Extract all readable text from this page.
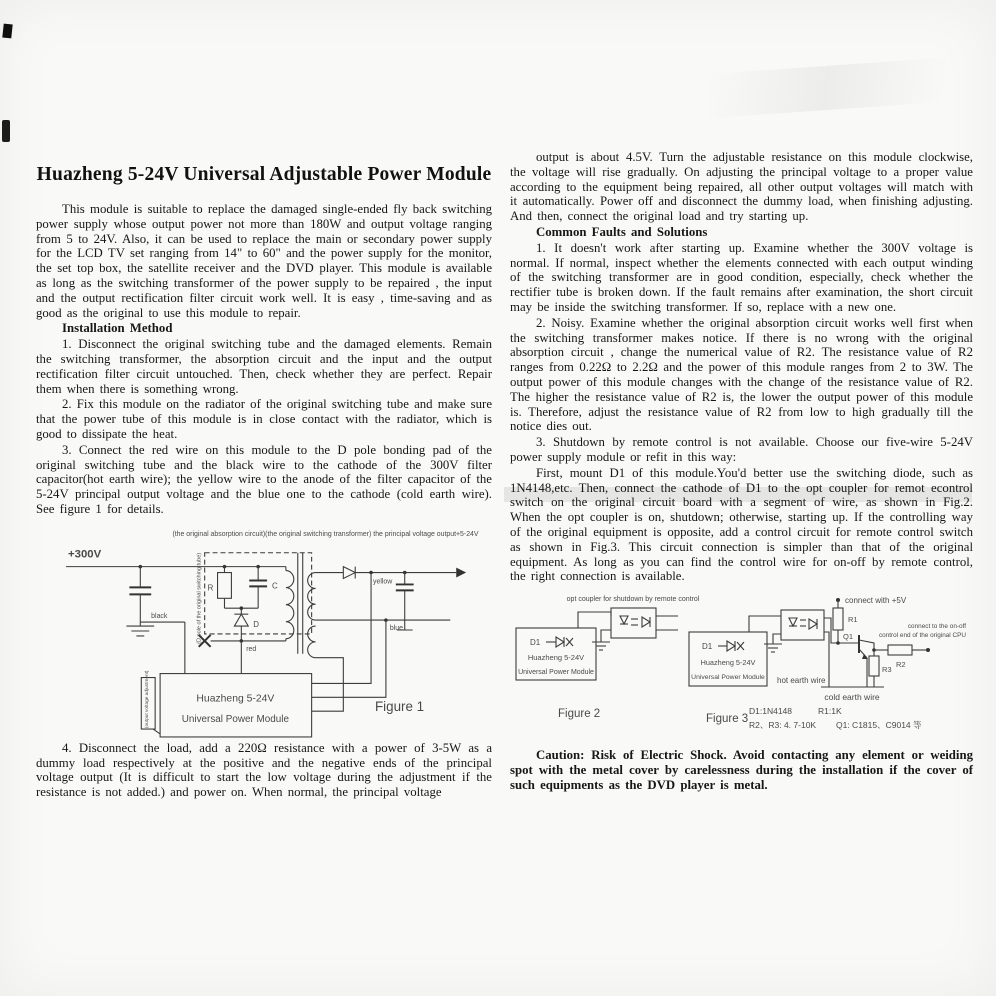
Huazheng 5-24V Universal Adjustable Power Module

This module is suitable to replace the damaged single-ended fly back switching power supply whose output power not more than 180W and output voltage ranging from 5 to 24V. Also, it can be used to replace the main or secondary power supply for the LCD TV set ranging from 14" to 60" and the power supply for the monitor, the set top box, the satellite receiver and the DVD player. This module is available as long as the switching transformer of the power supply to be repaired , the input and the output rectification filter circuit work well. It is easy , time-saving and as good as the original to use this module to repair.

Installation Method

1. Disconnect the original switching tube and the damaged elements. Remain the switching transformer, the absorption circuit and the input and the output rectification filter circuit untouched. Then, check whether they are perfect. Repair them when there is something wrong.

2. Fix this module on the radiator of the original switching tube and make sure that the power tube of this module is in close contact with the radiator, which is good to dissipate the heat.

3. Connect the red wire on this module to the D pole bonding pad of the original switching tube and the black wire to the cathode of the 300V filter capacitor(hot earth wire); the yellow wire to the anode of the filter capacitor of the 5-24V principal output voltage and the blue one to the cathode (cold earth wire). See figure 1 for details.

(the original absorption circuit)(the original switching transformer) the principal voltage output+5-24V
+300V
black
R	C
D
(D pole of the original switching tube)
red
yellow
blue
Huazheng 5-24V
Universal Power Module
(output voltage adjustment)	Figure 1

4. Disconnect the load, add a 220Ω resistance with a power of 3-5W as a dummy load respectively at the positive and the negative ends of the principal voltage output (It is difficult to start the low voltage during the adjustment if the resistance is not added.) and power on. When normal, the principal voltage

output is about 4.5V. Turn the adjustable resistance on this module clockwise, the voltage will rise gradually. On adjusting the principal voltage to a proper value according to the equipment being repaired, all other output voltages will match with it automatically. Power off and disconnect the dummy load, when finishing adjusting. And then, connect the original load and try starting up.

Common Faults and Solutions

1. It doesn't work after starting up. Examine whether the 300V voltage is normal. If normal, inspect whether the elements connected with each output winding of the switching transformer are in good condition, especially, check whether the rectifier tube is broken down. If the fault remains after examination, the short circuit may be inside the switching transformer. If so, replace with a new one.

2. Noisy. Examine whether the original absorption circuit works well first when the switching transformer makes notice. If there is no wrong with the original absorption circuit , change the numerical value of R2. The resistance value of R2 ranges from 0.22Ω to 2.2Ω and the power of this module ranges from 2 to 3W. The output power of this module changes with the change of the resistance value of R2. The higher the resistance value of R2 is, the lower the output power of this module is. Therefore, adjust the resistance value of R2 from low to high gradually till the notice dies out.

3. Shutdown by remote control is not available. Choose our five-wire 5-24V power supply module or refit in this way:

First, mount D1 of this module.You'd better use the switching diode, such as 1N4148,etc. Then, connect the cathode of D1 to the opt coupler for remot econtrol switch on the original circuit board with a segment of wire, as shown in Fig.2. When the opt coupler is on, shutdown; otherwise, starting up. If the controlling way of the original equipment is opposite, add a control circuit for remote control switch as shown in Fig.3. This circuit connection is simpler than that of the original equipment. As long as you can find the control wire for on-off by remote control, the right connection is available.

opt coupler for shutdown by remote control
D1
Huazheng 5-24V
Universal Power Module
Figure 2
D1
Huazheng 5-24V
Universal Power Module hot earth wire
connect with +5V
R1
Q1
R3
R2
connect to the on-off
control end of the original CPU
cold earth wire
Figure 3
D1:1N4148	R1:1K
R2、R3: 4. 7-10K Q1: C1815、C9014 等

Caution: Risk of Electric Shock. Avoid contacting any element or weiding spot with the metal cover by carelessness during the installation if the cover of such equipments as the DVD player is metal.
